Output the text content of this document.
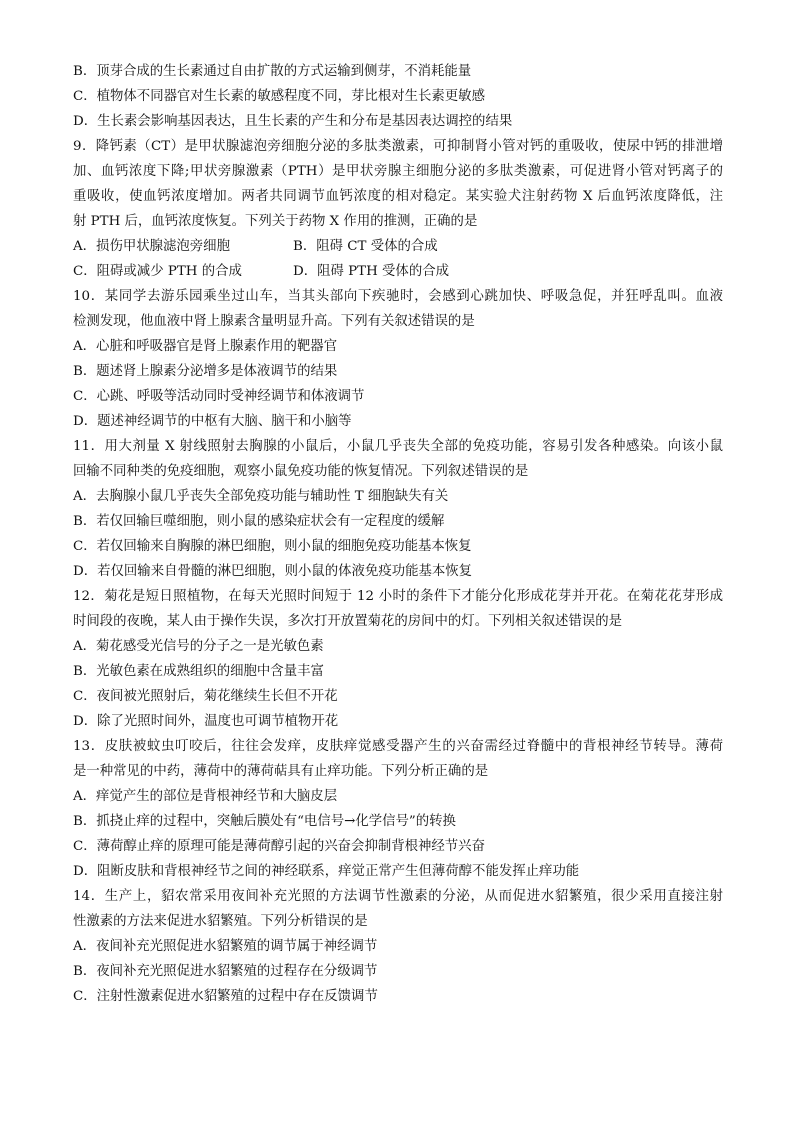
B．顶芽合成的生长素通过自由扩散的方式运输到侧芽，不消耗能量
C．植物体不同器官对生长素的敏感程度不同，芽比根对生长素更敏感
D．生长素会影响基因表达，且生长素的产生和分布是基因表达调控的结果
9．降钙素（CT）是甲状腺滤泡旁细胞分泌的多肽类激素，可抑制肾小管对钙的重吸收，使尿中钙的排泄增
加、血钙浓度下降;甲状旁腺激素（PTH）是甲状旁腺主细胞分泌的多肽类激素，可促进肾小管对钙离子的
重吸收，使血钙浓度增加。两者共同调节血钙浓度的相对稳定。某实验犬注射药物 X 后血钙浓度降低，注
射 PTH 后，血钙浓度恢复。下列关于药物 X 作用的推测，正确的是
A．损伤甲状腺滤泡旁细胞	B．阻碍 CT 受体的合成
C．阻碍或减少 PTH 的合成	D．阻碍 PTH 受体的合成
10．某同学去游乐园乘坐过山车，当其头部向下疾驰时，会感到心跳加快、呼吸急促，并狂呼乱叫。血液
检测发现，他血液中肾上腺素含量明显升高。下列有关叙述错误的是
A．心脏和呼吸器官是肾上腺素作用的靶器官
B．题述肾上腺素分泌增多是体液调节的结果
C．心跳、呼吸等活动同时受神经调节和体液调节
D．题述神经调节的中枢有大脑、脑干和小脑等
11．用大剂量 X 射线照射去胸腺的小鼠后，小鼠几乎丧失全部的免疫功能，容易引发各种感染。向该小鼠
回输不同种类的免疫细胞，观察小鼠免疫功能的恢复情况。下列叙述错误的是
A．去胸腺小鼠几乎丧失全部免疫功能与辅助性 T 细胞缺失有关
B．若仅回输巨噬细胞，则小鼠的感染症状会有一定程度的缓解
C．若仅回输来自胸腺的淋巴细胞，则小鼠的细胞免疫功能基本恢复
D．若仅回输来自骨髓的淋巴细胞，则小鼠的体液免疫功能基本恢复
12．菊花是短日照植物，在每天光照时间短于 12 小时的条件下才能分化形成花芽并开花。在菊花花芽形成
时间段的夜晚，某人由于操作失误，多次打开放置菊花的房间中的灯。下列相关叙述错误的是
A．菊花感受光信号的分子之一是光敏色素
B．光敏色素在成熟组织的细胞中含量丰富
C．夜间被光照射后，菊花继续生长但不开花
D．除了光照时间外，温度也可调节植物开花
13．皮肤被蚊虫叮咬后，往往会发痒，皮肤痒觉感受器产生的兴奋需经过脊髓中的背根神经节转导。薄荷
是一种常见的中药，薄荷中的薄荷萜具有止痒功能。下列分析正确的是
A．痒觉产生的部位是背根神经节和大脑皮层
B．抓挠止痒的过程中，突触后膜处有“电信号→化学信号”的转换
C．薄荷醇止痒的原理可能是薄荷醇引起的兴奋会抑制背根神经节兴奋
D．阻断皮肤和背根神经节之间的神经联系，痒觉正常产生但薄荷醇不能发挥止痒功能
14．生产上，貂农常采用夜间补充光照的方法调节性激素的分泌，从而促进水貂繁殖，很少采用直接注射
性激素的方法来促进水貂繁殖。下列分析错误的是
A．夜间补充光照促进水貂繁殖的调节属于神经调节
B．夜间补充光照促进水貂繁殖的过程存在分级调节
C．注射性激素促进水貂繁殖的过程中存在反馈调节
